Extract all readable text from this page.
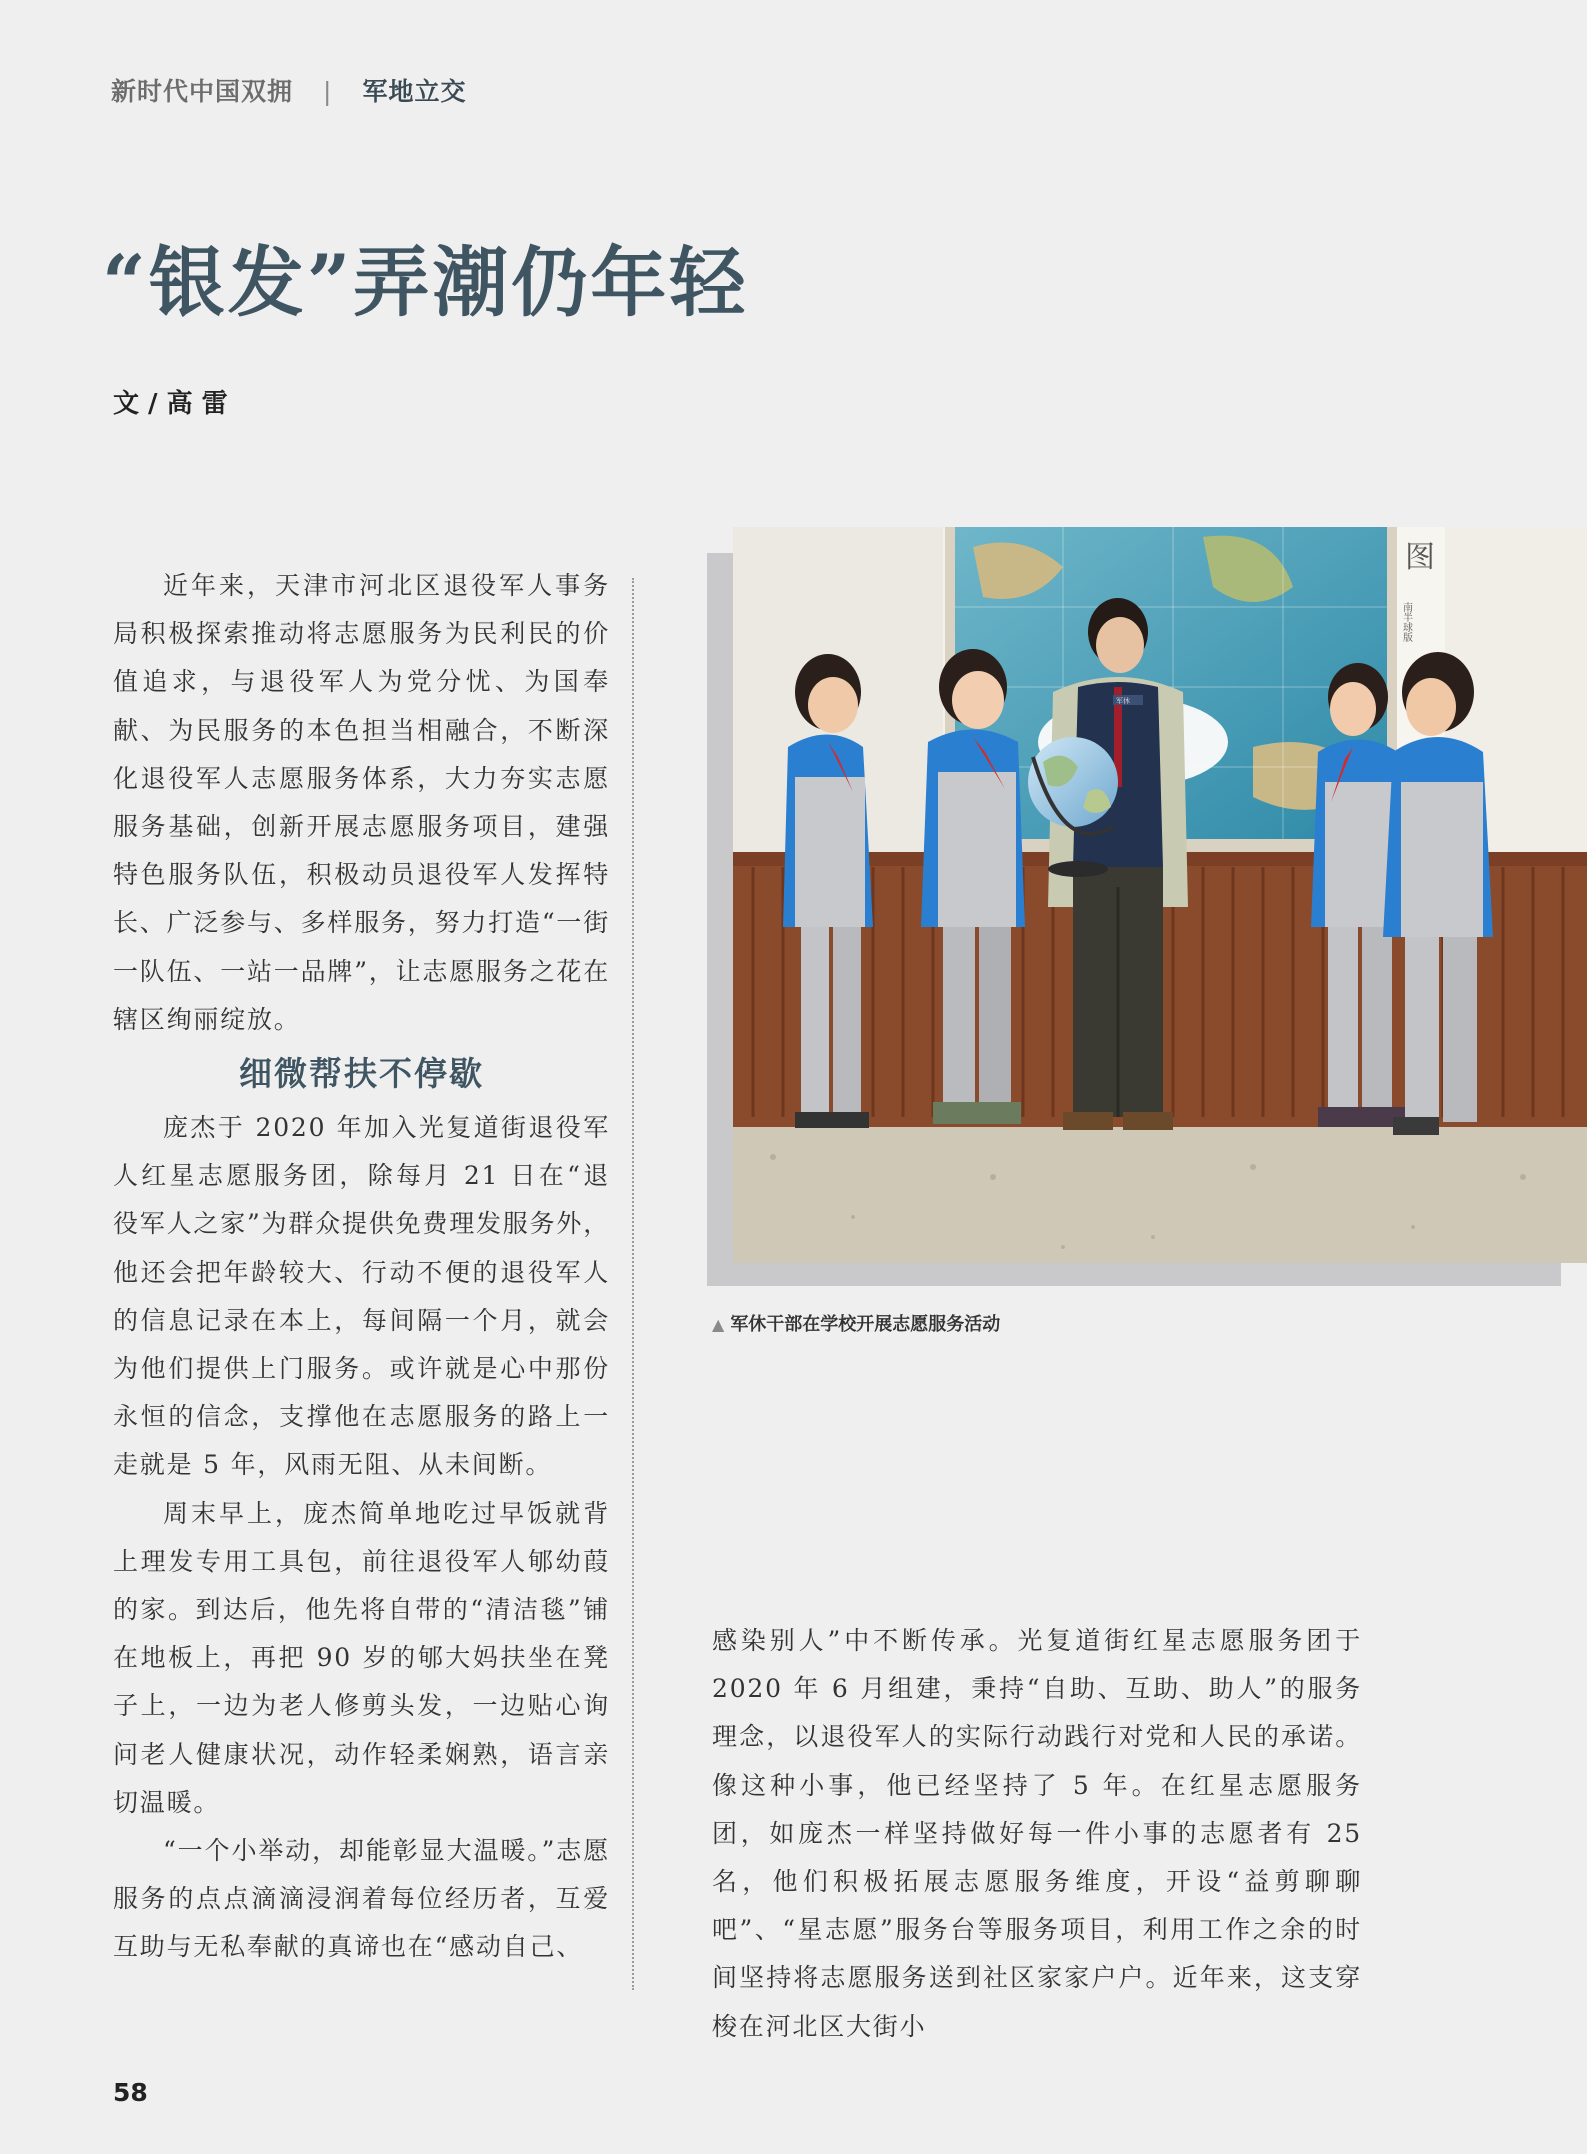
新时代中国双拥 | 军地立交
“银发”弄潮仍年轻
文 / 高 雷

近年来，天津市河北区退役军人事务局积极探索推动将志愿服务为民利民的价值追求，与退役军人为党分忧、为国奉献、为民服务的本色担当相融合，不断深化退役军人志愿服务体系，大力夯实志愿服务基础，创新开展志愿服务项目，建强特色服务队伍，积极动员退役军人发挥特长、广泛参与、多样服务，努力打造“一街一队伍、一站一品牌”，让志愿服务之花在辖区绚丽绽放。

细微帮扶不停歇

庞杰于 2020 年加入光复道街退役军人红星志愿服务团，除每月 21 日在“退役军人之家”为群众提供免费理发服务外，他还会把年龄较大、行动不便的退役军人的信息记录在本上，每间隔一个月，就会为他们提供上门服务。或许就是心中那份永恒的信念，支撑他在志愿服务的路上一走就是 5 年，风雨无阻、从未间断。

周末早上，庞杰简单地吃过早饭就背上理发专用工具包，前往退役军人郇幼葭的家。到达后，他先将自带的“清洁毯”铺在地板上，再把 90 岁的郇大妈扶坐在凳子上，一边为老人修剪头发，一边贴心询问老人健康状况，动作轻柔娴熟，语言亲切温暖。

“一个小举动，却能彰显大温暖。”志愿服务的点点滴滴浸润着每位经历者，互爱互助与无私奉献的真谛也在“感动自己、

图
南半球版
军休
▲ 军休干部在学校开展志愿服务活动

感染别人”中不断传承。光复道街红星志愿服务团于 2020 年 6 月组建，秉持“自助、互助、助人”的服务理念，以退役军人的实际行动践行对党和人民的承诺。像这种小事，他已经坚持了 5 年。在红星志愿服务团，如庞杰一样坚持做好每一件小事的志愿者有 25 名，他们积极拓展志愿服务维度，开设“益剪聊聊吧”、“星志愿”服务台等服务项目，利用工作之余的时间坚持将志愿服务送到社区家家户户。近年来，这支穿梭在河北区大街小

58
